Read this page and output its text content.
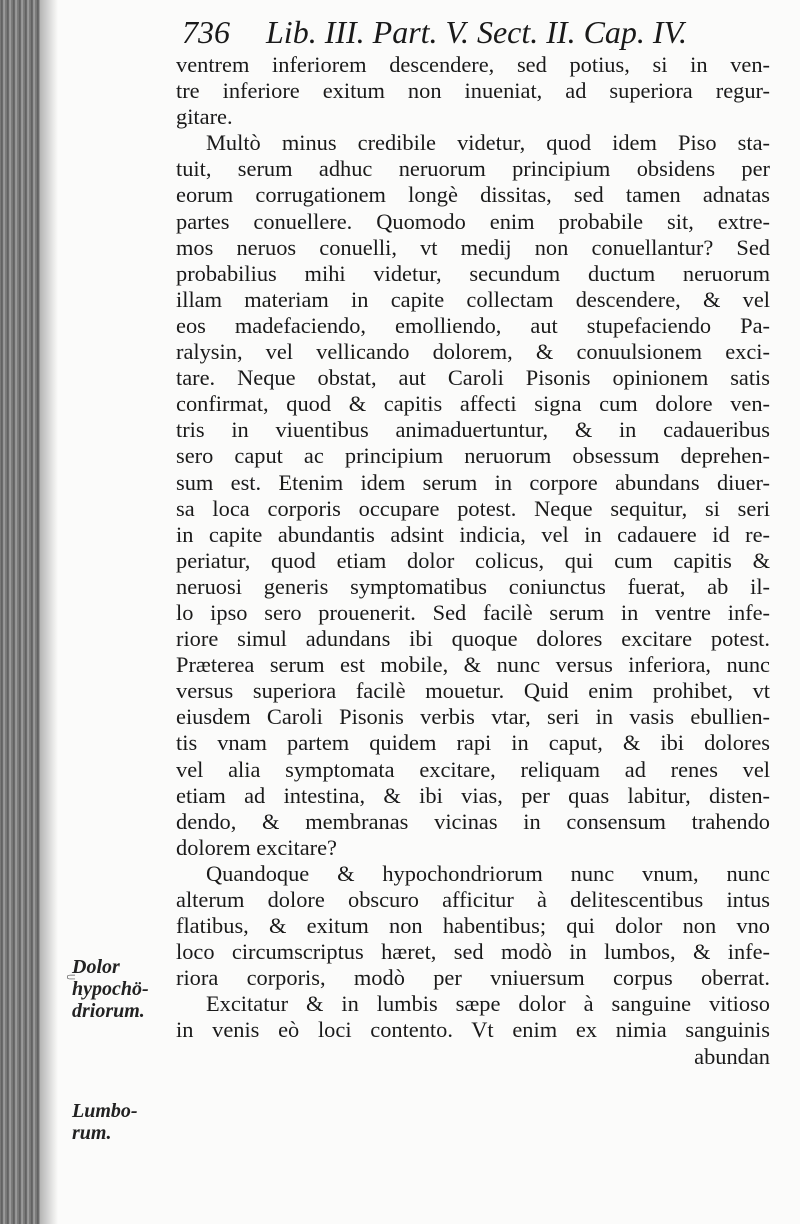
736 Lib. III. Part. V. Sect. II. Cap. IV.
ventrem inferiorem descendere, sed potius, si in ven-
tre inferiore exitum non inueniat, ad superiora regur-
gitare.
Multò minus credibile videtur, quod idem Piso sta-
tuit, serum adhuc neruorum principium obsidens per
eorum corrugationem longè dissitas, sed tamen adnatas
partes conuellere. Quomodo enim probabile sit, extre-
mos neruos conuelli, vt medij non conuellantur? Sed
probabilius mihi videtur, secundum ductum neruorum
illam materiam in capite collectam descendere, & vel
eos madefaciendo, emolliendo, aut stupefaciendo Pa-
ralysin, vel vellicando dolorem, & conuulsionem exci-
tare. Neque obstat, aut Caroli Pisonis opinionem satis
confirmat, quod & capitis affecti signa cum dolore ven-
tris in viuentibus animaduertuntur, & in cadaueribus
sero caput ac principium neruorum obsessum deprehen-
sum est. Etenim idem serum in corpore abundans diuer-
sa loca corporis occupare potest. Neque sequitur, si seri
in capite abundantis adsint indicia, vel in cadauere id re-
periatur, quod etiam dolor colicus, qui cum capitis &
neruosi generis symptomatibus coniunctus fuerat, ab il-
lo ipso sero prouenerit. Sed facilè serum in ventre infe-
riore simul adundans ibi quoque dolores excitare potest.
Præterea serum est mobile, & nunc versus inferiora, nunc
versus superiora facilè mouetur. Quid enim prohibet, vt
eiusdem Caroli Pisonis verbis vtar, seri in vasis ebullien-
tis vnam partem quidem rapi in caput, & ibi dolores
vel alia symptomata excitare, reliquam ad renes vel
etiam ad intestina, & ibi vias, per quas labitur, disten-
dendo, & membranas vicinas in consensum trahendo
dolorem excitare?
Quandoque & hypochondriorum nunc vnum, nunc
alterum dolore obscuro afficitur à delitescentibus intus
flatibus, & exitum non habentibus; qui dolor non vno
loco circumscriptus hæret, sed modò in lumbos, & infe-
riora corporis, modò per vniuersum corpus oberrat.
Excitatur & in lumbis sæpe dolor à sanguine vitioso
in venis eò loci contento. Vt enim ex nimia sanguinis
abundan
Dolor
hypochö-
driorum.
Lumbo-
rum.
⸦
